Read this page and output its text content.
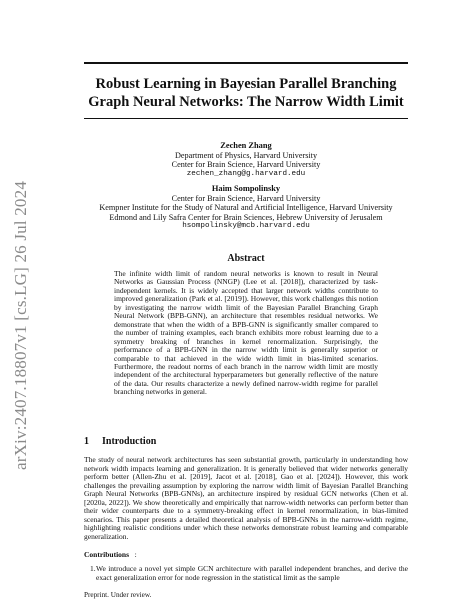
arXiv:2407.18807v1 [cs.LG] 26 Jul 2024
Robust Learning in Bayesian Parallel Branching
Graph Neural Networks: The Narrow Width Limit
Zechen Zhang
Department of Physics, Harvard University
Center for Brain Science, Harvard University
zechen_zhang@g.harvard.edu
Haim Sompolinsky
Center for Brain Science, Harvard University
Kempner Institute for the Study of Natural and Artificial Intelligence, Harvard University
Edmond and Lily Safra Center for Brain Sciences, Hebrew University of Jerusalem
hsompolinsky@mcb.harvard.edu
Abstract
The infinite width limit of random neural networks is known to result in Neural Networks as Gaussian Process (NNGP) (Lee et al. [2018]), characterized by task-independent kernels. It is widely accepted that larger network widths contribute to improved generalization (Park et al. [2019]). However, this work challenges this notion by investigating the narrow width limit of the Bayesian Parallel Branching Graph Neural Network (BPB-GNN), an architecture that resembles residual networks. We demonstrate that when the width of a BPB-GNN is significantly smaller compared to the number of training examples, each branch exhibits more robust learning due to a symmetry breaking of branches in kernel renormalization. Surprisingly, the performance of a BPB-GNN in the narrow width limit is generally superior or comparable to that achieved in the wide width limit in bias-limited scenarios. Furthermore, the readout norms of each branch in the narrow width limit are mostly independent of the architectural hyperparameters but generally reflective of the nature of the data. Our results characterize a newly defined narrow-width regime for parallel branching networks in general.
1 Introduction
The study of neural network architectures has seen substantial growth, particularly in understanding how network width impacts learning and generalization. It is generally believed that wider networks generally perform better (Allen-Zhu et al. [2019], Jacot et al. [2018], Gao et al. [2024]). However, this work challenges the prevailing assumption by exploring the narrow width limit of Bayesian Parallel Branching Graph Neural Networks (BPB-GNNs), an architecture inspired by residual GCN networks (Chen et al. [2020a, 2022]). We show theoretically and empirically that narrow-width networks can perform better than their wider counterparts due to a symmetry-breaking effect in kernel renormalization, in bias-limited scenarios. This paper presents a detailed theoretical analysis of BPB-GNNs in the narrow-width regime, highlighting realistic conditions under which these networks demonstrate robust learning and comparable generalization.
Contributions :
1. We introduce a novel yet simple GCN architecture with parallel independent branches, and derive the exact generalization error for node regression in the statistical limit as the sample
Preprint. Under review.
